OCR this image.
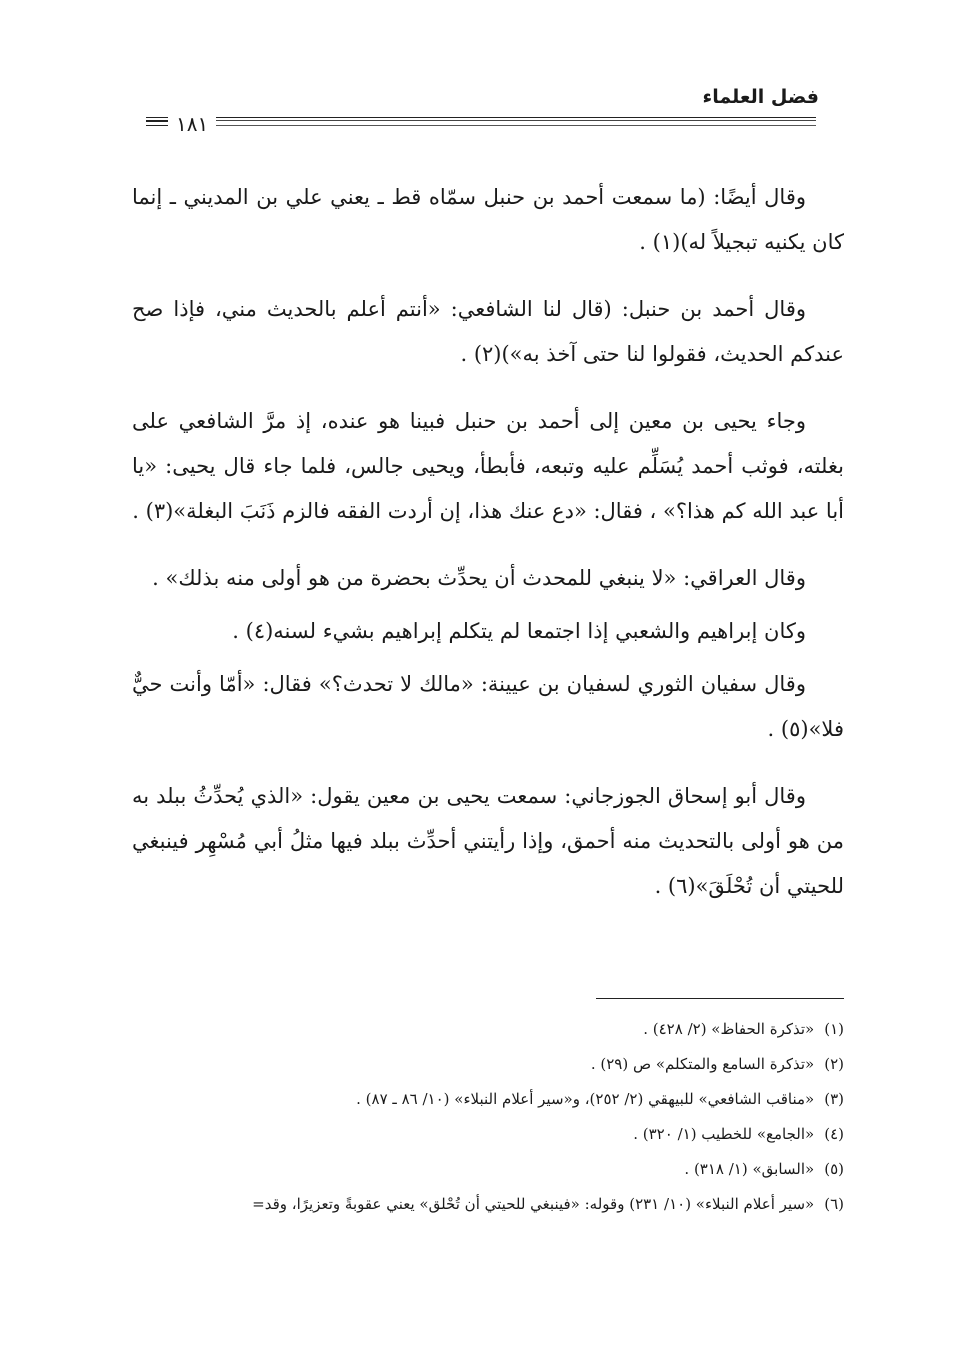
فضل العلماء
١٨١

وقال أيضًا: (ما سمعت أحمد بن حنبل سمّاه قط ـ يعني علي بن المديني ـ إنما كان يكنيه تبجيلاً له)(١) .

وقال أحمد بن حنبل: (قال لنا الشافعي: «أنتم أعلم بالحديث مني، فإذا صح عندكم الحديث، فقولوا لنا حتى آخذ به»)(٢) .

وجاء يحيى بن معين إلى أحمد بن حنبل فبينا هو عنده، إذ مرَّ الشافعي على بغلته، فوثب أحمد يُسَلِّم عليه وتبعه، فأبطأ، ويحيى جالس، فلما جاء قال يحيى: «يا أبا عبد الله كم هذا؟» ، فقال: «دع عنك هذا، إن أردت الفقه فالزم ذَنَبَ البغلة»(٣) .

وقال العراقي: «لا ينبغي للمحدث أن يحدِّث بحضرة من هو أولى منه بذلك» .

وكان إبراهيم والشعبي إذا اجتمعا لم يتكلم إبراهيم بشيء لسنه(٤) .

وقال سفيان الثوري لسفيان بن عيينة: «مالك لا تحدث؟» فقال: «أمّا وأنت حيٌّ فلا»(٥) .

وقال أبو إسحاق الجوزجاني: سمعت يحيى بن معين يقول: «الذي يُحدِّثُ ببلد به من هو أولى بالتحديث منه أحمق، وإذا رأيتني أحدِّث ببلد فيها مثلُ أبي مُسْهِر فينبغي للحيتي أن تُحْلَقَ»(٦) .

(١)«تذكرة الحفاظ» (٢/ ٤٢٨) .
(٢)«تذكرة السامع والمتكلم» ص (٢٩) .
(٣)«مناقب الشافعي» للبيهقي (٢/ ٢٥٢)، و«سير أعلام النبلاء» (١٠/ ٨٦ ـ ٨٧) .
(٤)«الجامع» للخطيب (١/ ٣٢٠) .
(٥)«السابق» (١/ ٣١٨) .
(٦)«سير أعلام النبلاء» (١٠/ ٢٣١) وقوله: «فينبغي للحيتي أن تُحْلق» يعني عقوبةً وتعزيرًا، وقد=
